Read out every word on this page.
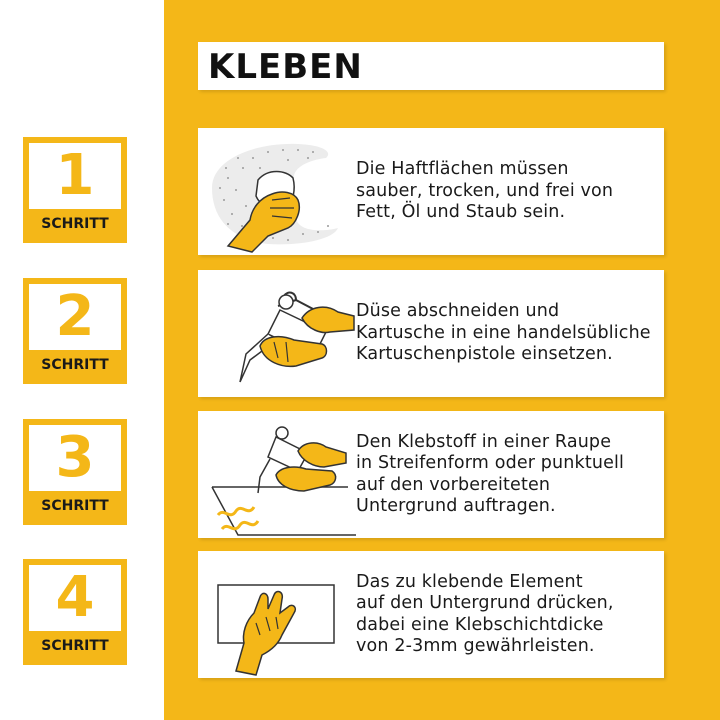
KLEBEN
1
SCHRITT
2
SCHRITT
3
SCHRITT
4
SCHRITT
Die Haftflächen müssen
sauber, trocken, und frei von
Fett, Öl und Staub sein.
Düse abschneiden und
Kartusche in eine handelsübliche
Kartuschenpistole einsetzen.
Den Klebstoff in einer Raupe
in Streifenform oder punktuell
auf den vorbereiteten
Untergrund auftragen.
Das zu klebende Element
auf den Untergrund drücken,
dabei eine Klebschichtdicke
von 2-3mm gewährleisten.
